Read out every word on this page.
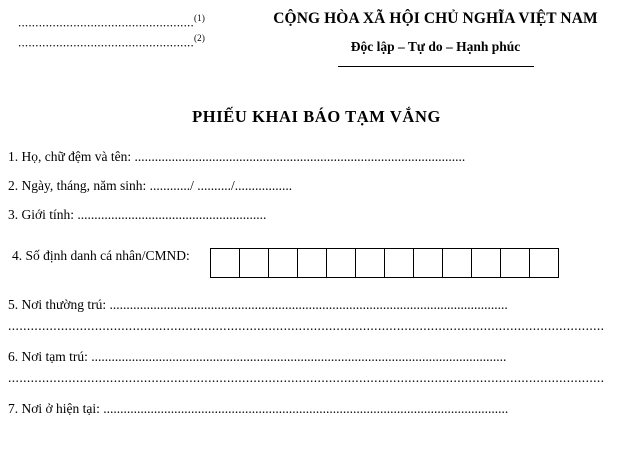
...................................................$^{(1)}$
...................................................$^{(2)}$
CỘNG HÒA XÃ HỘI CHỦ NGHĨA VIỆT NAM
Độc lập – Tự do – Hạnh phúc
PHIẾU KHAI BÁO TẠM VẮNG
1. Họ, chữ đệm và tên: ..................................................................................................
2. Ngày, tháng, năm sinh: ............/ ........../.................
3. Giới tính: ........................................................
4. Số định danh cá nhân/CMND:
5. Nơi thường trú: ......................................................................................................................
..............................................................................................................................................................
6. Nơi tạm trú: ...........................................................................................................................
..............................................................................................................................................................
7. Nơi ở hiện tại: ........................................................................................................................
